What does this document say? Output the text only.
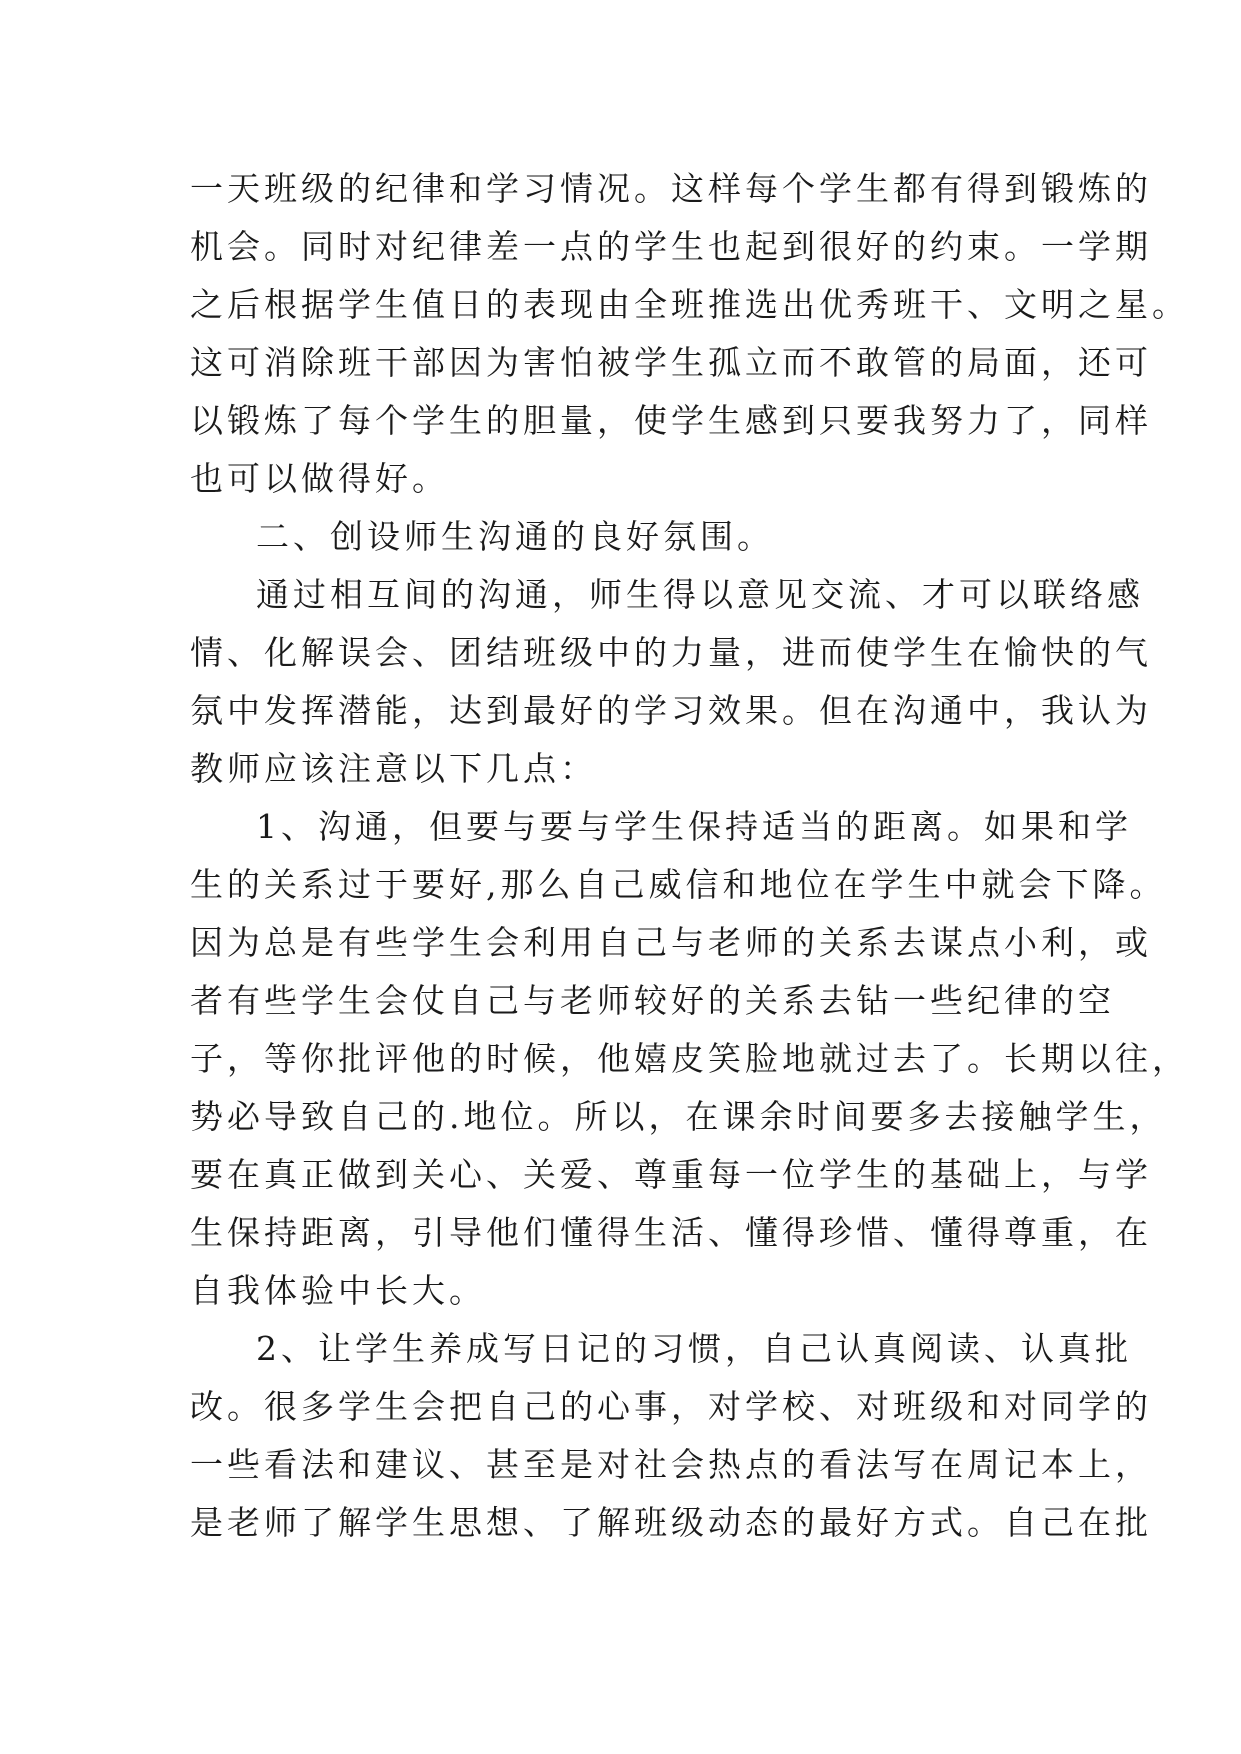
一天班级的纪律和学习情况。这样每个学生都有得到锻炼的
机会。同时对纪律差一点的学生也起到很好的约束。一学期
之后根据学生值日的表现由全班推选出优秀班干、文明之星。
这可消除班干部因为害怕被学生孤立而不敢管的局面，还可
以锻炼了每个学生的胆量，使学生感到只要我努力了，同样
也可以做得好。
二、创设师生沟通的良好氛围。
通过相互间的沟通，师生得以意见交流、才可以联络感
情、化解误会、团结班级中的力量，进而使学生在愉快的气
氛中发挥潜能，达到最好的学习效果。但在沟通中，我认为
教师应该注意以下几点：
1、沟通，但要与要与学生保持适当的距离。如果和学
生的关系过于要好,那么自己威信和地位在学生中就会下降。
因为总是有些学生会利用自己与老师的关系去谋点小利，或
者有些学生会仗自己与老师较好的关系去钻一些纪律的空
子，等你批评他的时候，他嬉皮笑脸地就过去了。长期以往，
势必导致自己的.地位。所以，在课余时间要多去接触学生，
要在真正做到关心、关爱、尊重每一位学生的基础上，与学
生保持距离，引导他们懂得生活、懂得珍惜、懂得尊重，在
自我体验中长大。
2、让学生养成写日记的习惯，自己认真阅读、认真批
改。很多学生会把自己的心事，对学校、对班级和对同学的
一些看法和建议、甚至是对社会热点的看法写在周记本上，
是老师了解学生思想、了解班级动态的最好方式。自己在批
